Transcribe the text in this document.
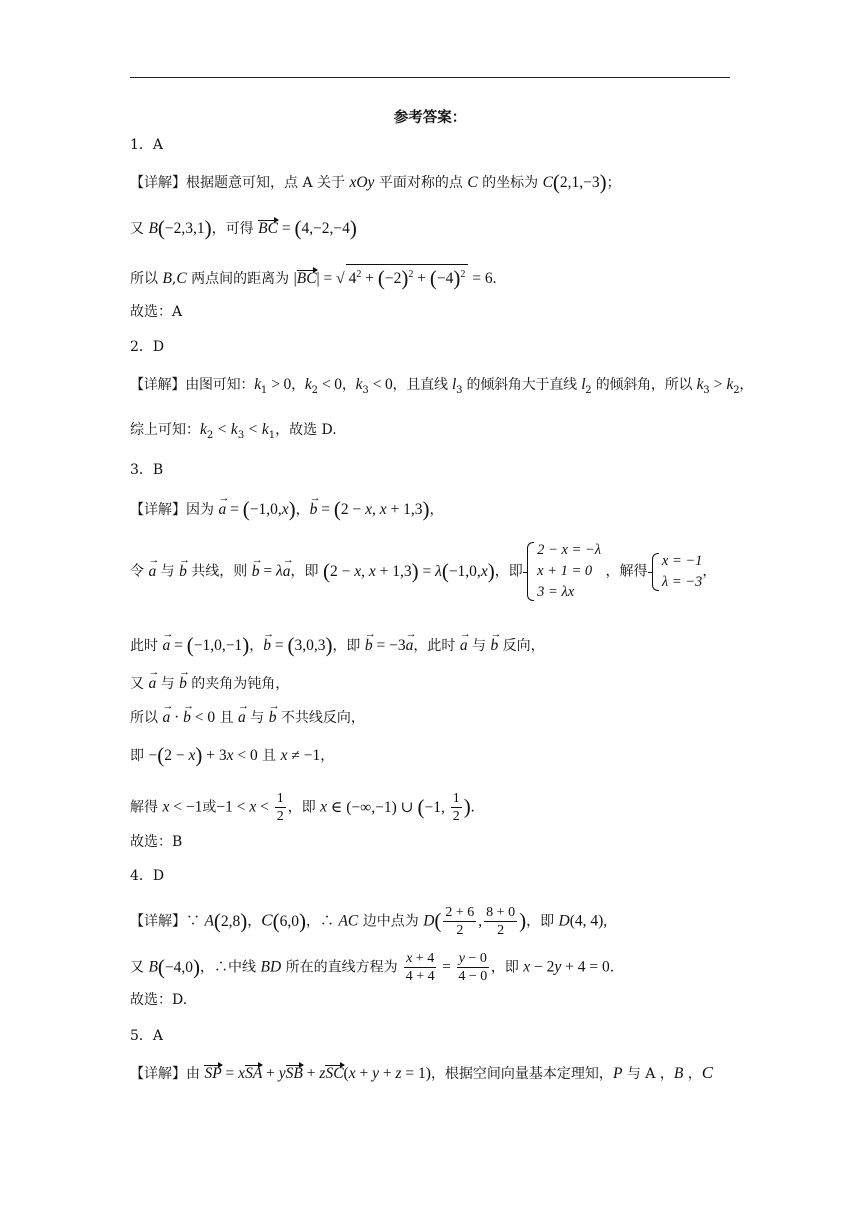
参考答案：
1．A
【详解】根据题意可知，点 A 关于 xOy 平面对称的点 C 的坐标为 C(2,1,−3)；
又 B(−2,3,1)，可得 BC = (4,−2,−4)
所以 B,C 两点间的距离为 |BC| = √ $4^2 + (-2)^2 + (-4)^2 = 6$.
故选：A
2．D
【详解】由图可知：$k_1 > 0$，$k_2 < 0$，$k_3 < 0$，且直线 $l_3$ 的倾斜角大于直线 $l_2$ 的倾斜角，所以 $k_3 > k_2$，
综上可知：$k_2 < k_3 < k_1$，故选 D.
3．B
【详解】因为 → a = (−1,0,x)，→ b = (2 − x, x + 1,3)，
令 → a 与 → b 共线，则 → b = λ→ a，即 (2 − x, x + 1,3) = λ(−1,0,x)，即 2 − x = −λ
x + 1 = 0
3 = λx ，解得 x = −1
λ = −3，
此时 → a = (−1,0,−1)，→ b = (3,0,3)，即 → b = −3→ a，此时 → a 与 → b 反向，
又 → a 与 → b 的夹角为钝角，
所以 → a · → b < 0 且 → a 与 → b 不共线反向，
即 −(2 − x) + 3x < 0 且 x ≠ −1，
解得 x < −1或$-1 < x < \frac{1}{2}$ ，即 x ∈ (−∞,−1) ∪ (−1, $\frac{1}{2}$ ).
故选：B
4．D
【详解】∵ A(2,8)，C(6,0)，∴ AC 边中点为 $D( \frac{2 + 6}{2}$ , $\frac{8 + 0}{2}$ )，即 D(4, 4),
又 B(−4,0)，∴中线 BD 所在的直线方程为 $\frac{x + 4}{4 + 4} = \frac{y - 0}{4 - 0}$ ，即 x − 2y + 4 = 0.
故选：D.
5．A
【详解】由 SP = xSA + ySB + zSC(x + y + z = 1)，根据空间向量基本定理知，P 与 A ，B ，C
